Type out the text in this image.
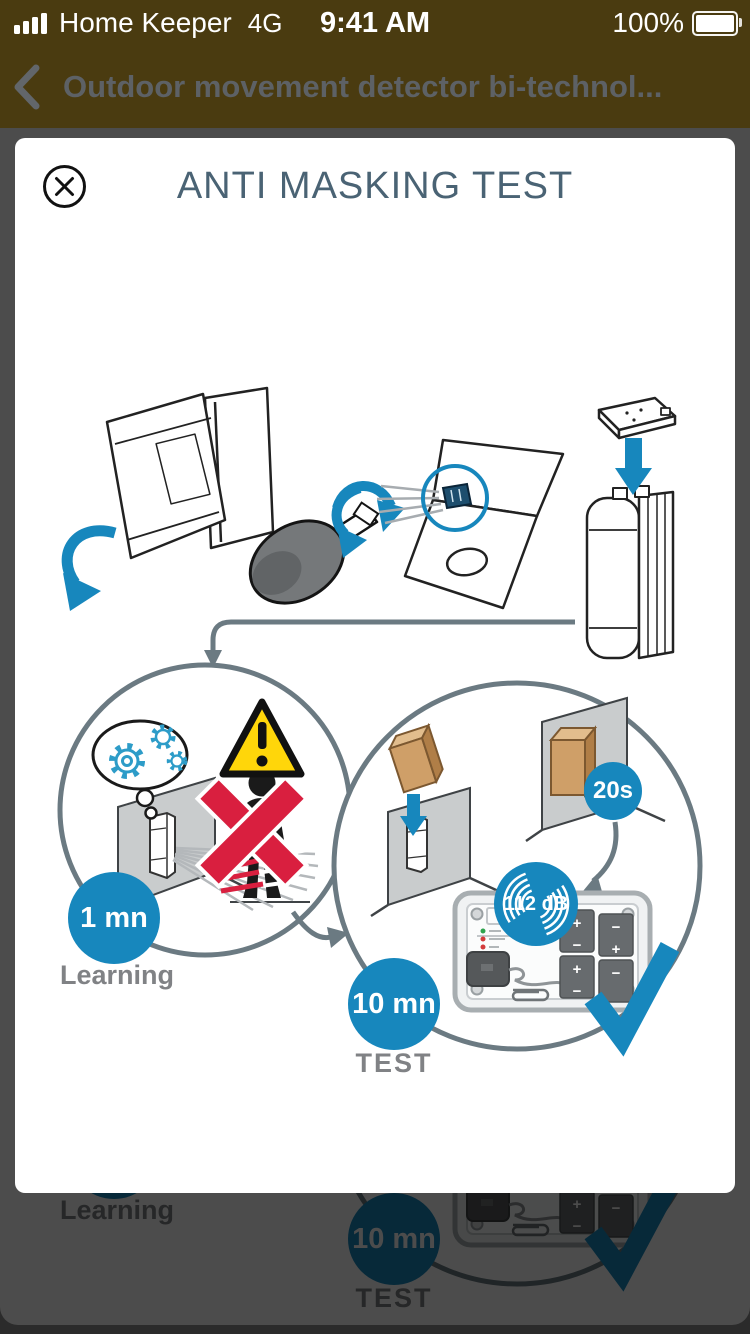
Home Keeper 4G	9:41 AM	100%
Outdoor movement detector bi-technol...
+
−
−
Learning
10 mn
TEST
ANTI MASKING TEST
+
−
−
+
+
−
−
1 mn
Learning
20s
112 dB
10 mn
TEST
